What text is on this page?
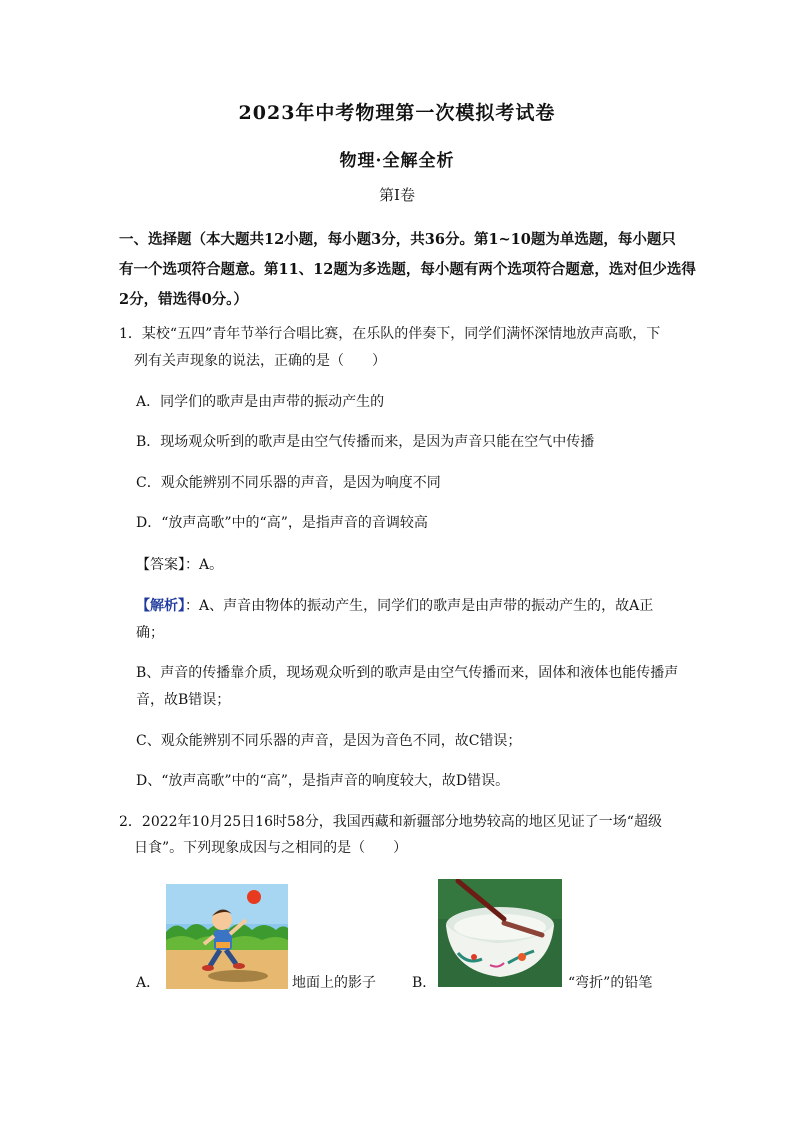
2023年中考物理第一次模拟考试卷
物理·全解全析
第Ⅰ卷
一、选择题（本大题共12小题，每小题3分，共36分。第1~10题为单选题，每小题只
有一个选项符合题意。第11、12题为多选题，每小题有两个选项符合题意，选对但少选得
2分，错选得0分。）
1．某校“五四”青年节举行合唱比赛，在乐队的伴奏下，同学们满怀深情地放声高歌，下
列有关声现象的说法，正确的是（　　）
A．同学们的歌声是由声带的振动产生的
B．现场观众听到的歌声是由空气传播而来，是因为声音只能在空气中传播
C．观众能辨别不同乐器的声音，是因为响度不同
D．“放声高歌”中的“高”，是指声音的音调较高
【答案】：A。
【解析】：A、声音由物体的振动产生，同学们的歌声是由声带的振动产生的，故A正
确；
B、声音的传播靠介质，现场观众听到的歌声是由空气传播而来，固体和液体也能传播声
音，故B错误；
C、观众能辨别不同乐器的声音，是因为音色不同，故C错误；
D、“放声高歌”中的“高”，是指声音的响度较大，故D错误。
2．2022年10月25日16时58分，我国西藏和新疆部分地势较高的地区见证了一场“超级
日食”。下列现象成因与之相同的是（　　）
A．	地面上的影子	B．	“弯折”的铅笔
